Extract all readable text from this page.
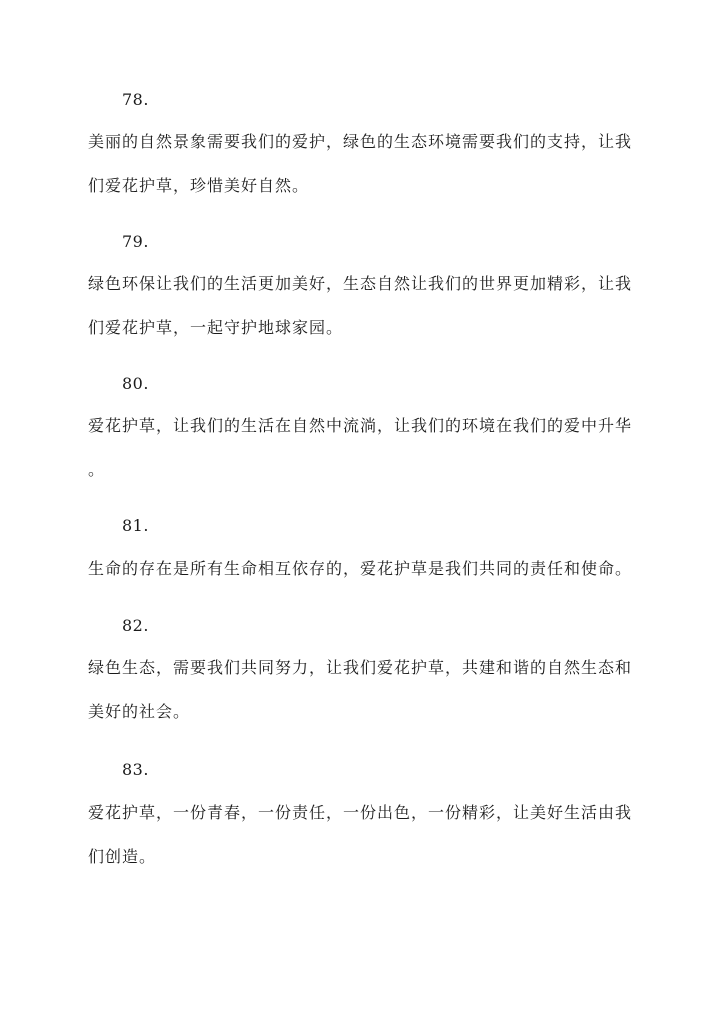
78.
美丽的自然景象需要我们的爱护，绿色的生态环境需要我们的支持，让我
们爱花护草，珍惜美好自然。
79.
绿色环保让我们的生活更加美好，生态自然让我们的世界更加精彩，让我
们爱花护草，一起守护地球家园。
80.
爱花护草，让我们的生活在自然中流淌，让我们的环境在我们的爱中升华
。
81.
生命的存在是所有生命相互依存的，爱花护草是我们共同的责任和使命。
82.
绿色生态，需要我们共同努力，让我们爱花护草，共建和谐的自然生态和
美好的社会。
83.
爱花护草，一份青春，一份责任，一份出色，一份精彩，让美好生活由我
们创造。
